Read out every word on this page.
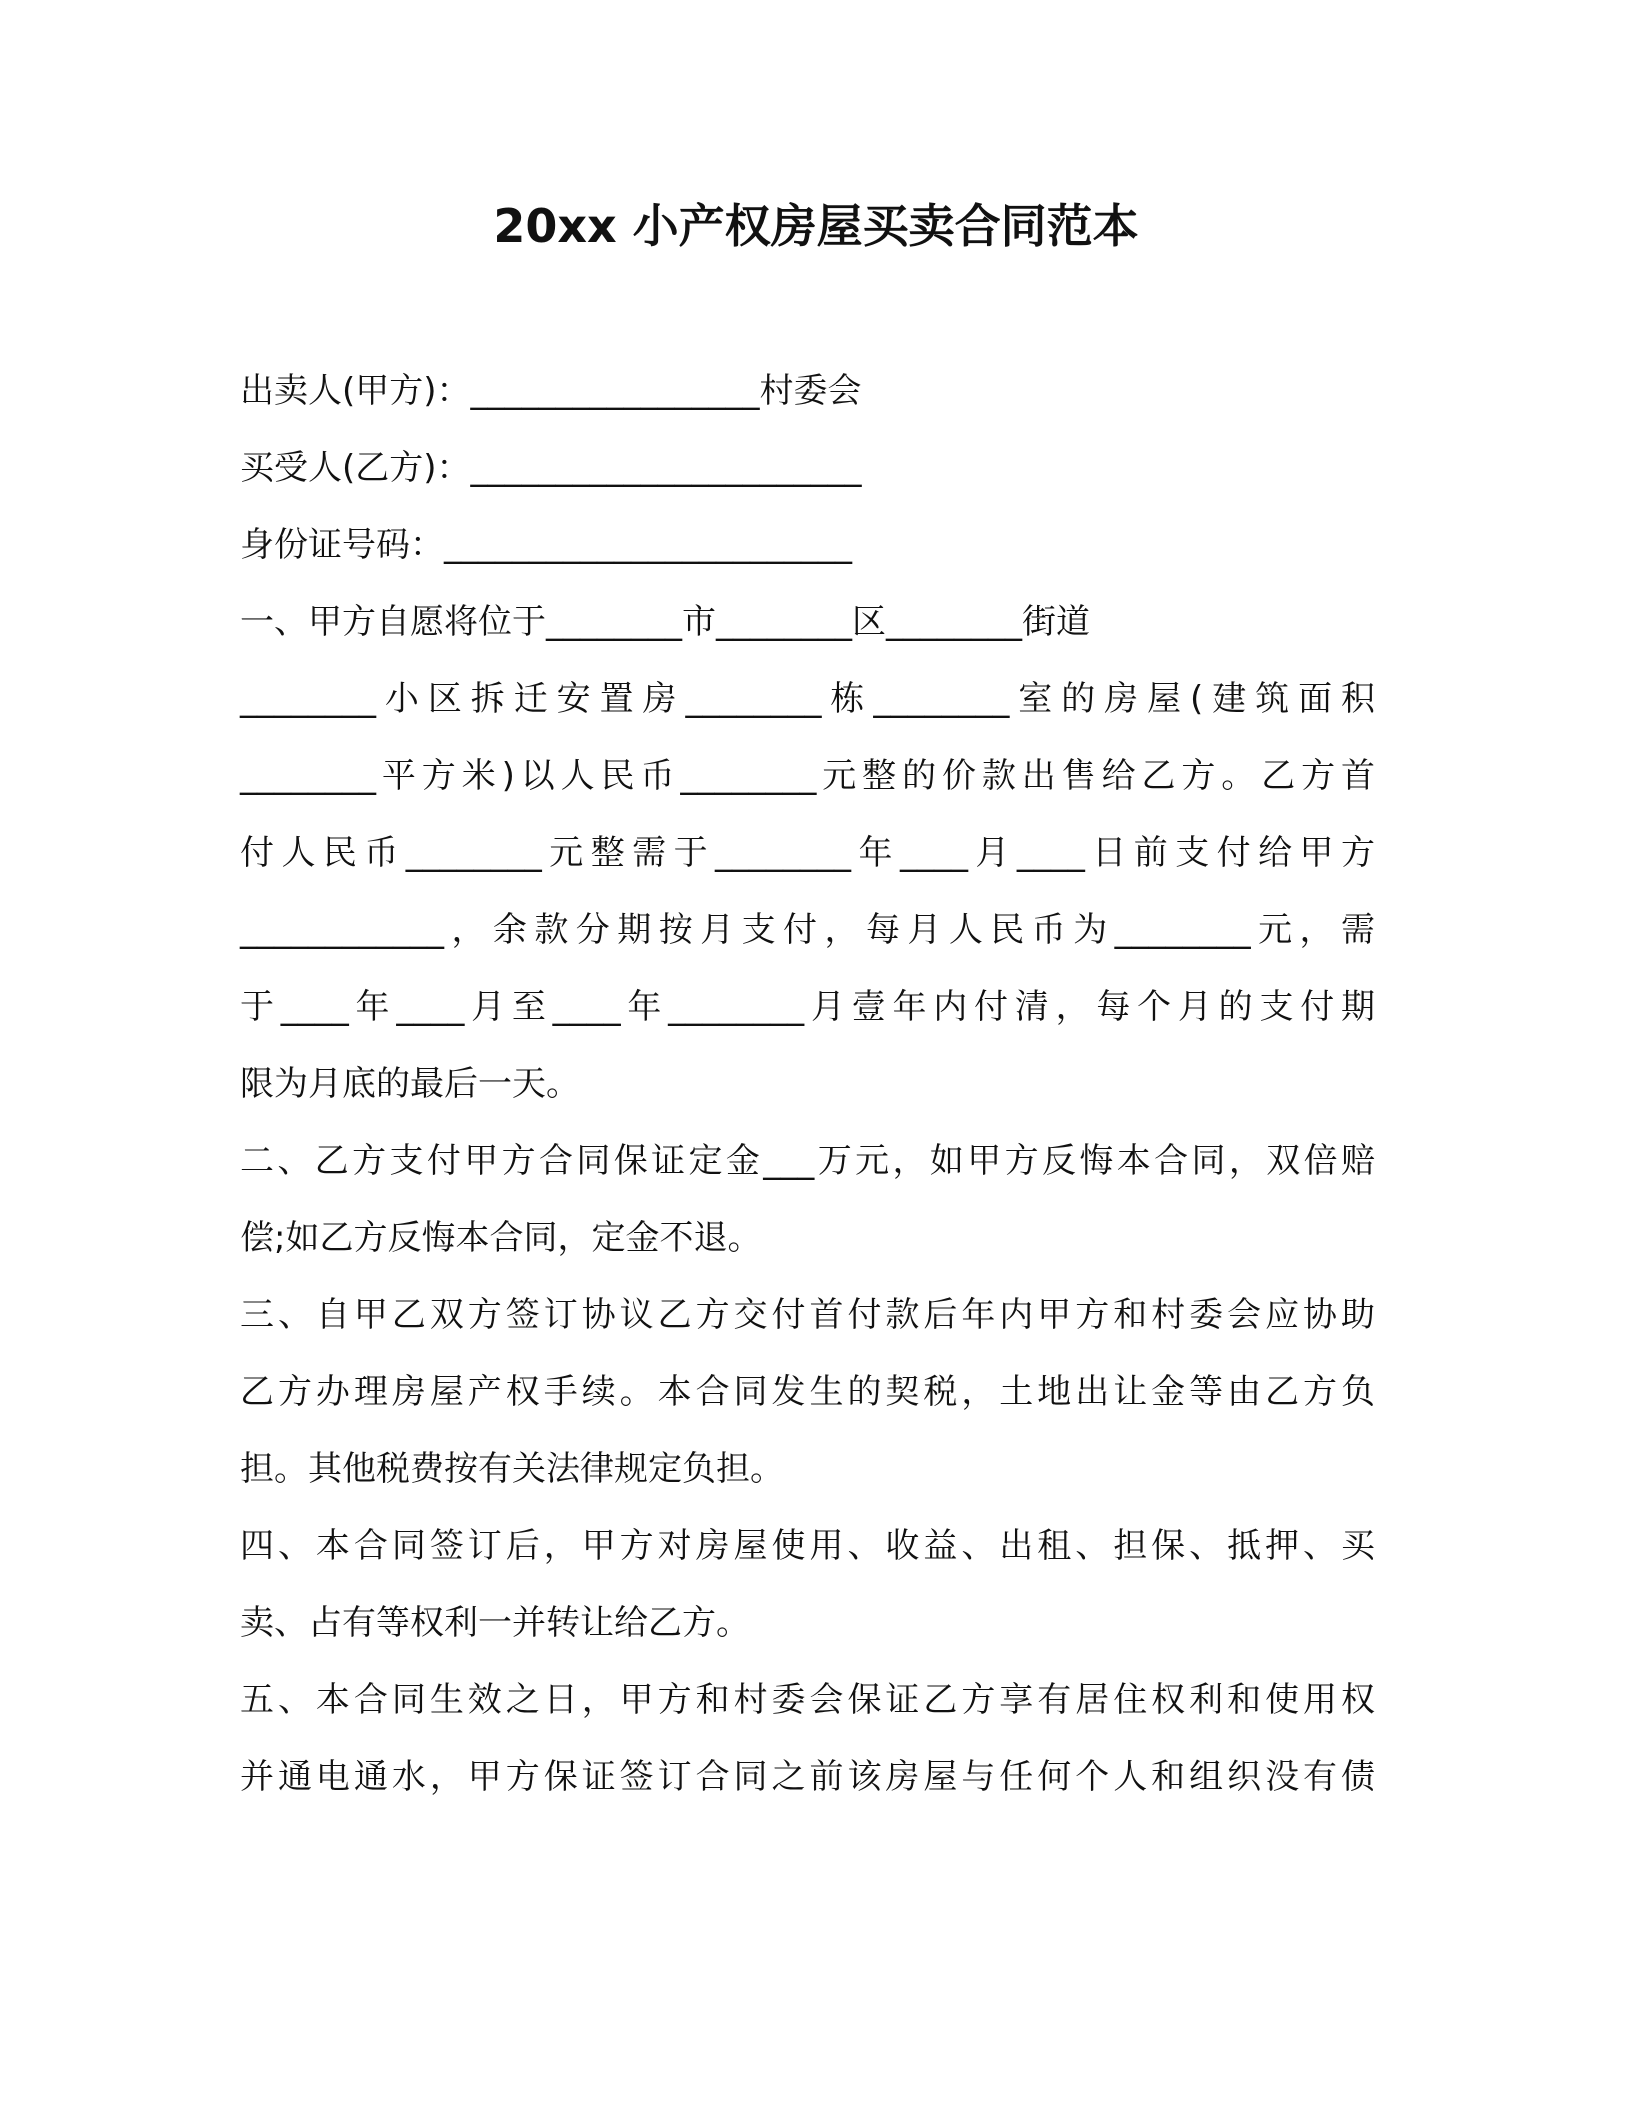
20xx 小产权房屋买卖合同范本
出卖人(甲方)：_________________村委会
买受人(乙方)：_______________________
身份证号码：________________________
一、甲方自愿将位于________市________区________街道
________小区拆迁安置房________栋________室的房屋(建筑面积
________平方米)以人民币________元整的价款出售给乙方。乙方首
付人民币________元整需于________年____月____日前支付给甲方
____________，余款分期按月支付，每月人民币为________元，需
于____年____月至____年________月壹年内付清，每个月的支付期
限为月底的最后一天。
二、乙方支付甲方合同保证定金___万元，如甲方反悔本合同，双倍赔
偿;如乙方反悔本合同，定金不退。
三、自甲乙双方签订协议乙方交付首付款后年内甲方和村委会应协助
乙方办理房屋产权手续。本合同发生的契税，土地出让金等由乙方负
担。其他税费按有关法律规定负担。
四、本合同签订后，甲方对房屋使用、收益、出租、担保、抵押、买
卖、占有等权利一并转让给乙方。
五、本合同生效之日，甲方和村委会保证乙方享有居住权利和使用权
并通电通水，甲方保证签订合同之前该房屋与任何个人和组织没有债
